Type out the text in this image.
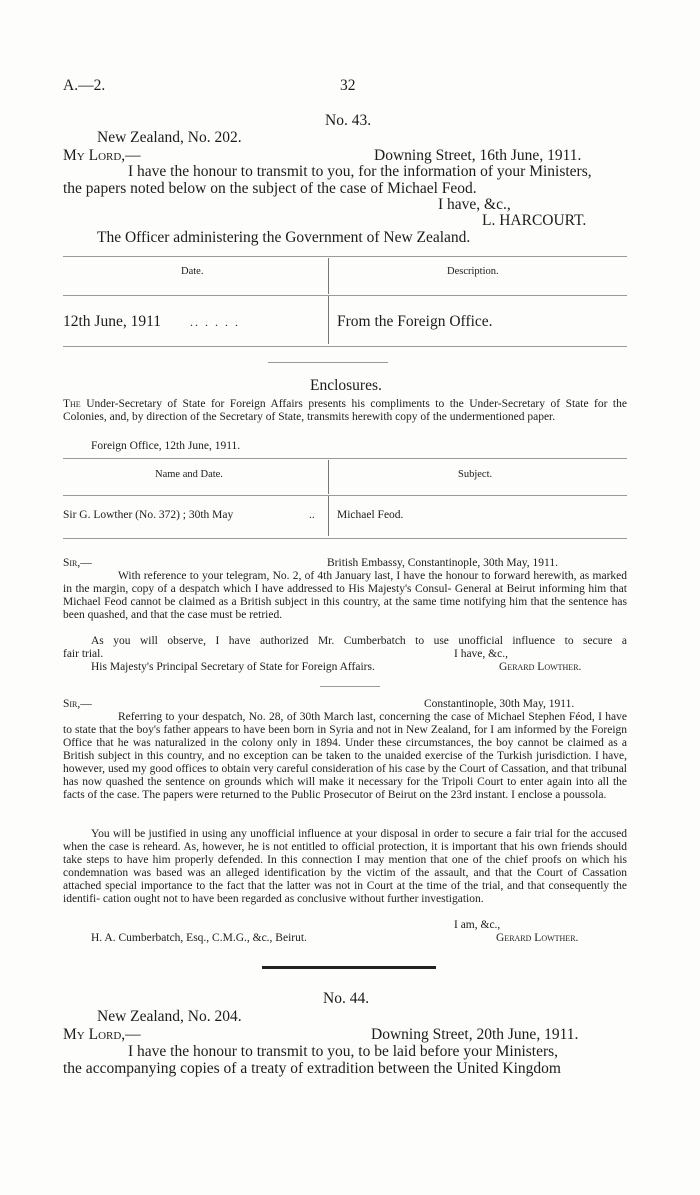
A.—2.	32
No. 43.
New Zealand, No. 202.
My Lord,—	Downing Street, 16th June, 1911.
I have the honour to transmit to you, for the information of your Ministers,
the papers noted below on the subject of the case of Michael Feod.
I have, &c.,
L. HARCOURT.
The Officer administering the Government of New Zealand.
Date.	Description.
12th June, 1911 .. . . . .	From the Foreign Office.
Enclosures.
The Under-Secretary of State for Foreign Affairs presents his compliments to the Under-Secretary of State for the Colonies, and, by direction of the Secretary of State, transmits herewith copy of the undermentioned paper.
Foreign Office, 12th June, 1911.
Name and Date.	Subject.
Sir G. Lowther (No. 372) ; 30th May	.. Michael Feod.
Sir,—	British Embassy, Constantinople, 30th May, 1911.
With reference to your telegram, No. 2, of 4th January last, I have the honour to forward herewith, as marked in the margin, copy of a despatch which I have addressed to His Majesty's Consul- General at Beirut informing him that Michael Feod cannot be claimed as a British subject in this country, at the same time notifying him that the sentence has been quashed, and that the case must be retried.
As you will observe, I have authorized Mr. Cumberbatch to use unofficial influence to secure a
fair trial.	I have, &c.,
His Majesty's Principal Secretary of State for Foreign Affairs.	Gerard Lowther.
Sir,—	Constantinople, 30th May, 1911.
Referring to your despatch, No. 28, of 30th March last, concerning the case of Michael Stephen Féod, I have to state that the boy's father appears to have been born in Syria and not in New Zealand, for I am informed by the Foreign Office that he was naturalized in the colony only in 1894. Under these circumstances, the boy cannot be claimed as a British subject in this country, and no exception can be taken to the unaided exercise of the Turkish jurisdiction. I have, however, used my good offices to obtain very careful consideration of his case by the Court of Cassation, and that tribunal has now quashed the sentence on grounds which will make it necessary for the Tripoli Court to enter again into all the facts of the case. The papers were returned to the Public Prosecutor of Beirut on the 23rd instant. I enclose a poussola.
You will be justified in using any unofficial influence at your disposal in order to secure a fair trial for the accused when the case is reheard. As, however, he is not entitled to official protection, it is important that his own friends should take steps to have him properly defended. In this connection I may mention that one of the chief proofs on which his condemnation was based was an alleged identification by the victim of the assault, and that the Court of Cassation attached special importance to the fact that the latter was not in Court at the time of the trial, and that consequently the identifi- cation ought not to have been regarded as conclusive without further investigation.
I am, &c.,
H. A. Cumberbatch, Esq., C.M.G., &c., Beirut.	Gerard Lowther.
No. 44.
New Zealand, No. 204.
My Lord,—	Downing Street, 20th June, 1911.
I have the honour to transmit to you, to be laid before your Ministers,
the accompanying copies of a treaty of extradition between the United Kingdom
